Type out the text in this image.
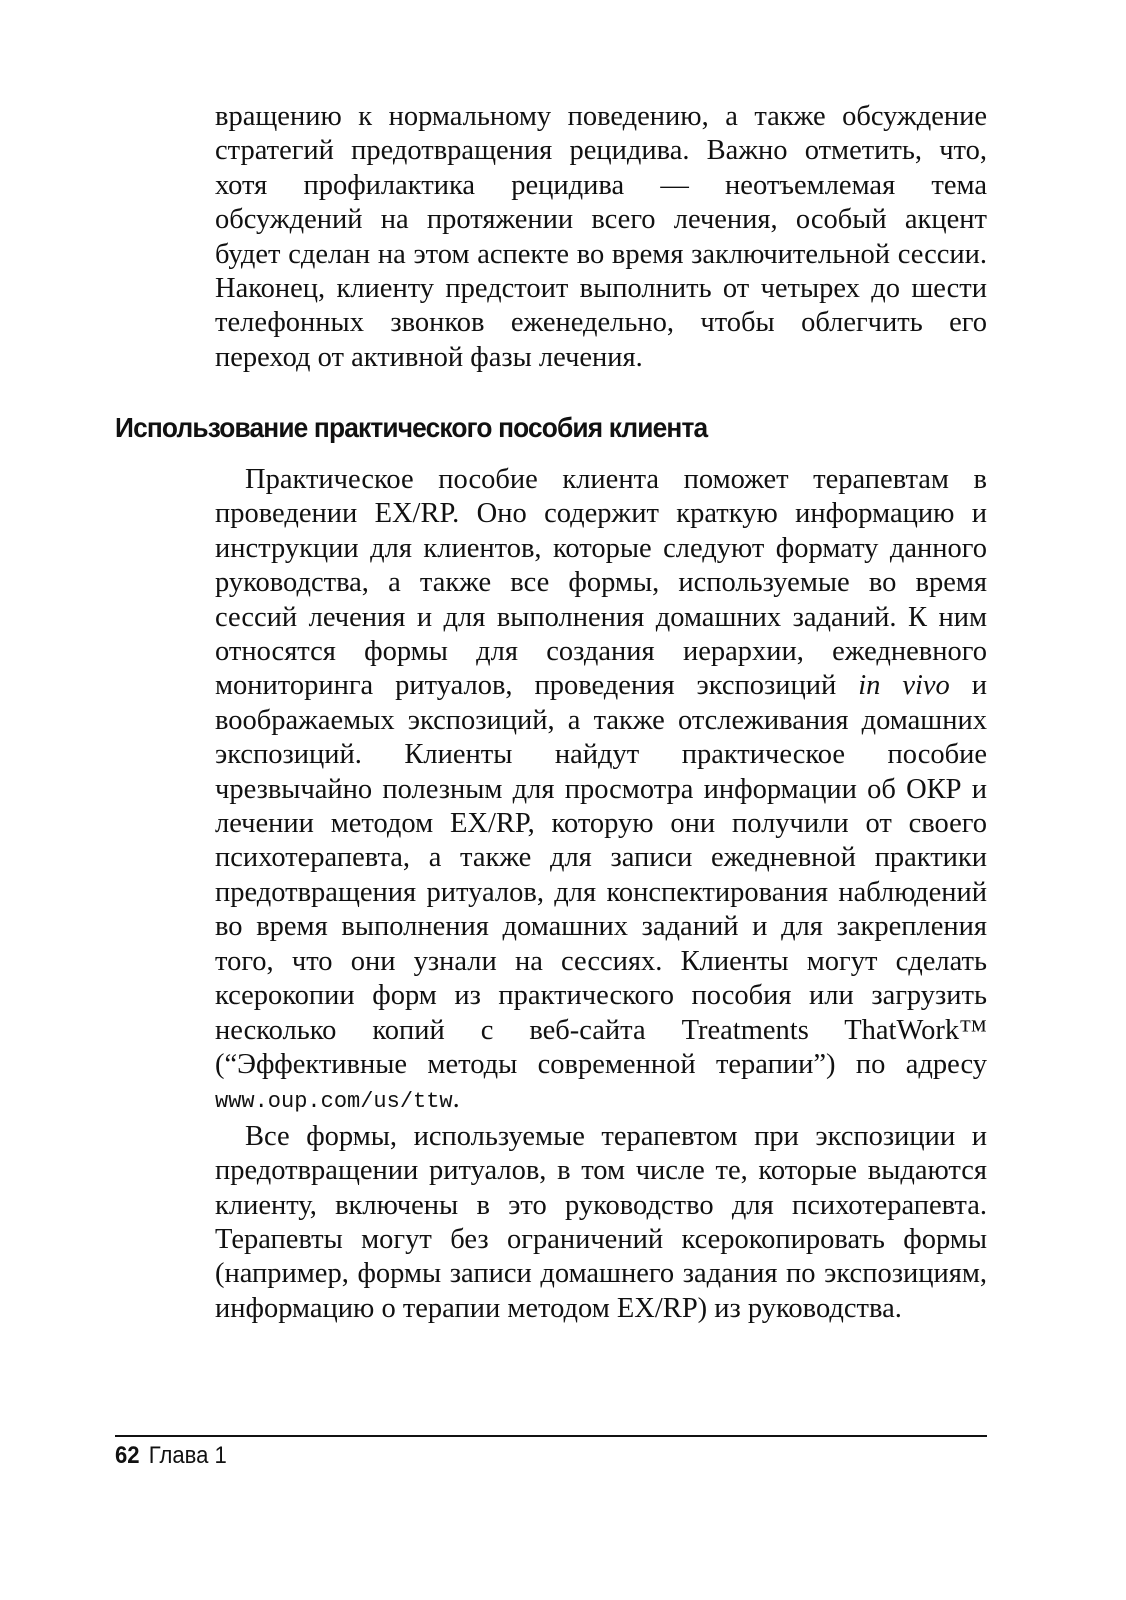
вращению к нормальному поведению, а также обсуждение стратегий предотвращения рецидива. Важно отметить, что, хотя профилактика рецидива — неотъемлемая тема обсуждений на протяжении всего лечения, особый акцент будет сделан на этом аспекте во время заключительной сессии. Наконец, клиенту предстоит выполнить от четырех до шести телефонных звонков еженедельно, чтобы облегчить его переход от активной фазы лечения.

Использование практического пособия клиента

Практическое пособие клиента поможет терапевтам в проведении EX/RP. Оно содержит краткую информацию и инструкции для клиентов, которые следуют формату данного руководства, а также все формы, используемые во время сессий лечения и для выполнения домашних заданий. К ним относятся формы для создания иерархии, ежедневного мониторинга ритуалов, проведения экспозиций in vivo и воображаемых экспозиций, а также отслеживания домашних экспозиций. Клиенты найдут практическое пособие чрезвычайно полезным для просмотра информации об ОКР и лечении методом EX/RP, которую они получили от своего психотерапевта, а также для записи ежедневной практики предотвращения ритуалов, для конспектирования наблюдений во время выполнения домашних заданий и для закрепления того, что они узнали на сессиях. Клиенты могут сделать ксерокопии форм из практического пособия или загрузить несколько копий с веб-сайта Treatments ThatWork™ (“Эффективные методы современной терапии”) по адресу www.oup.com/us/ttw.

Все формы, используемые терапевтом при экспозиции и предотвращении ритуалов, в том числе те, которые выдаются клиенту, включены в это руководство для психотерапевта. Терапевты могут без ограничений ксерокопировать формы (например, формы записи домашнего задания по экспозициям, информацию о терапии методом EX/RP) из руководства.

62 Глава 1
